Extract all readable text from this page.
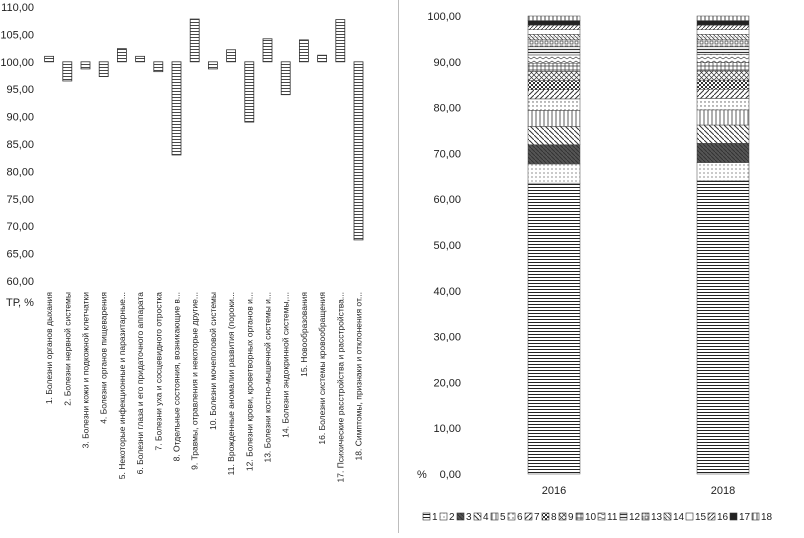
110,00
105,00
100,00
95,00
90,00
85,00
80,00
75,00
70,00
65,00
60,00
ТР, % 1. Болезни органов дыхания 2. Болезни нервной системы 3. Болезни кожи и подкожной клетчатки 4. Болезни органов пищеварения 5. Некоторые инфекционные и паразитарные... 6. Болезни глаза и его придаточного аппарата 7. Болезни уха и сосцевидного отростка 8. Отдельные состояния, возникающие в... 9. Травмы, отравления и некоторые другие... 10. Болезни мочеполовой системы 11. Врожденные аномалии развития (пороки... 12. Болезни крови, кроветворных органов и... 13. Болезни костно-мышечной системы и... 14. Болезни эндокринной системы,... 15. Новообразования 16. Болезни системы кровообращения 17. Психические расстройства и расстройства... 18. Симптомы, признаки и отклонения от...
100,00
90,00
80,00
70,00
60,00
50,00
40,00
30,00
20,00
10,00
0,00
%
2016	2018
1 2 3 4 5 6 7 8 9 10 11 12 13 14 15 16 17 18
